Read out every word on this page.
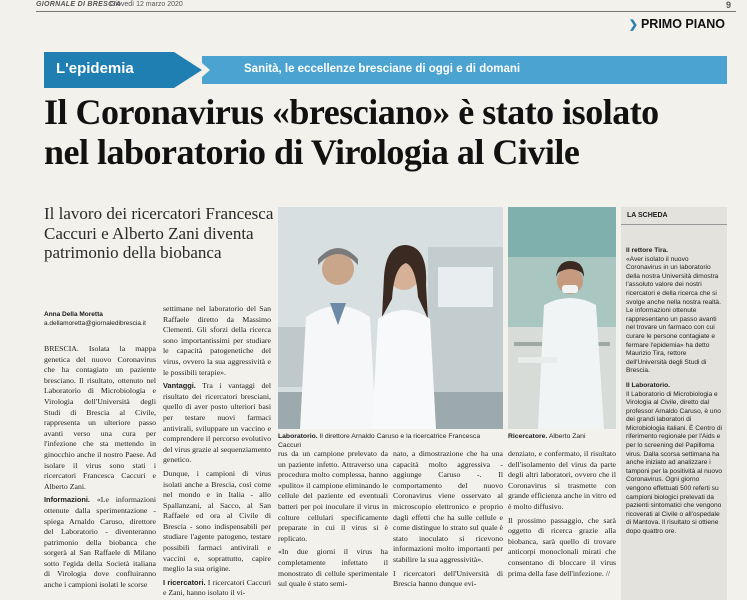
GIORNALE DI BRESCIA
Giovedì 12 marzo 2020	9
❯ PRIMO PIANO
Sanità, le eccellenze bresciane di oggi e di domani
L'epidemia
Il Coronavirus «bresciano» è stato isolato
nel laboratorio di Virologia al Civile
Il lavoro dei ricercatori Francesca Caccuri e Alberto Zani diventa patrimonio della biobanca
Anna Della Moretta
a.dellamoretta@giornaledibrescia.it

BRESCIA. Isolata la mappa genetica del nuovo Coronavirus che ha contagiato un paziente bresciano. Il risultato, ottenuto nel Laboratorio di Microbiologia e Virologia dell'Università degli Studi di Brescia al Civile, rappresenta un ulteriore passo avanti verso una cura per l'infezione che sta mettendo in ginocchio anche il nostro Paese. Ad isolare il virus sono stati i ricercatori Francesca Caccuri e Alberto Zani.

Informazioni. «Le informazioni ottenute dalla sperimentazione - spiega Arnaldo Caruso, direttore del Laboratorio - diventeranno patrimonio della biobanca che sorgerà al San Raffaele di Milano sotto l'egida della Società italiana di Virologia dove confluiranno anche i campioni isolati le scorse

settimane nel laboratorio del San Raffaele diretto da Massimo Clementi. Gli sforzi della ricerca sono importantissimi per studiare le capacità patogenetiche del virus, ovvero la sua aggressività e le possibili terapie».

Vantaggi. Tra i vantaggi del risultato dei ricercatori bresciani, quello di aver posto ulteriori basi per testare nuovi farmaci antivirali, sviluppare un vaccino e comprendere il percorso evolutivo del virus grazie al sequenziamento genetico.

Dunque, i campioni di virus isolati anche a Brescia, così come nel mondo e in Italia - allo Spallanzani, al Sacco, al San Raffaele ed ora al Civile di Brescia - sono indispensabili per studiare l'agente patogeno, testare possibili farmaci antivirali e vaccini e, soprattutto, capire meglio la sua origine.

I ricercatori. I ricercatori Caccuri e Zani, hanno isolato il vi-

Laboratorio. Il direttore Arnaldo Caruso e la ricercatrice Francesca Caccuri
Ricercatore. Alberto Zani

rus da un campione prelevato da un paziente infetto. Attraverso una procedura molto complessa, hanno «pulito» il campione eliminando le cellule del paziente ed eventuali batteri per poi inoculare il virus in colture cellulari specificamente preparate in cui il virus si è replicato.

«In due giorni il virus ha completamente infettato il monostrato di cellule sperimentale sul quale è stato semi-

nato, a dimostrazione che ha una capacità molto aggressiva - aggiunge Caruso -. Il comportamento del nuovo Coronavirus viene osservato al microscopio elettronico e proprio dagli effetti che ha sulle cellule e come distingue lo strato sul quale è stato inoculato si ricevono informazioni molto importanti per stabilire la sua aggressività».

I ricercatori dell'Università di Brescia hanno dunque evi-

denziato, e confermato, il risultato dell'isolamento del virus da parte degli altri laboratori, ovvero che il Coronavirus si trasmette con grande efficienza anche in vitro ed è molto diffusivo.

Il prossimo passaggio, che sarà oggetto di ricerca grazie alla biobanca, sarà quello di trovare anticorpi monoclonali mirati che consentano di bloccare il virus prima della fase dell'infezione. //

LA SCHEDA

Il rettore Tira.
«Aver isolato il nuovo Coronavirus in un laboratorio della nostra Università dimostra l'assoluto valore dei nostri ricercatori e della ricerca che si svolge anche nella nostra realtà. Le informazioni ottenute rappresentano un passo avanti nel trovare un farmaco con cui curare le persone contagiate e fermare l'epidemia» ha detto Maurizio Tira, rettore dell'Università degli Studi di Brescia.

Il Laboratorio.
Il Laboratorio di Microbiologia e Virologia al Civile, diretto dal professor Arnaldo Caruso, è uno dei grandi laboratori di Microbiologia italiani. È Centro di riferimento regionale per l'Aids e per lo screening del Papilloma virus. Dalla scorsa settimana ha anche iniziato ad analizzare i tamponi per la positività al nuovo Coronavirus. Ogni giorno vengono effettuati 500 referti su campioni biologici prelevati da pazienti sintomatici che vengono ricoverati al Civile o all'ospedale di Mantova. Il risultato si ottiene dopo quattro ore.
